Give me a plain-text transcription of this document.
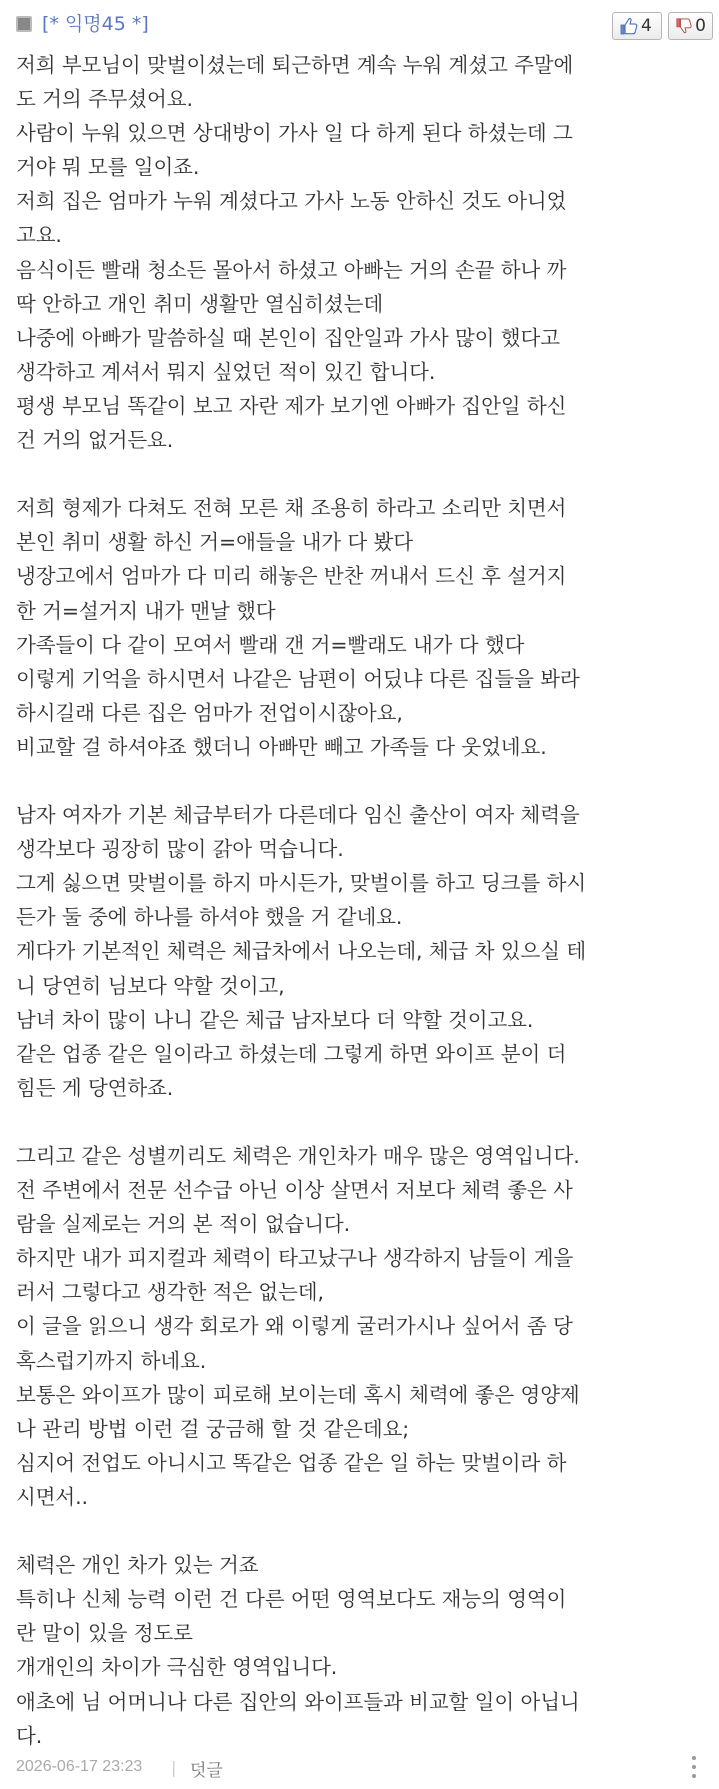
[* 익명45 *]	4	0
저희 부모님이 맞벌이셨는데 퇴근하면 계속 누워 계셨고 주말에
도 거의 주무셨어요.
사람이 누워 있으면 상대방이 가사 일 다 하게 된다 하셨는데 그
거야 뭐 모를 일이죠.
저희 집은 엄마가 누워 계셨다고 가사 노동 안하신 것도 아니었
고요.
음식이든 빨래 청소든 몰아서 하셨고 아빠는 거의 손끝 하나 까
딱 안하고 개인 취미 생활만 열심히셨는데
나중에 아빠가 말씀하실 때 본인이 집안일과 가사 많이 했다고
생각하고 계셔서 뭐지 싶었던 적이 있긴 합니다.
평생 부모님 똑같이 보고 자란 제가 보기엔 아빠가 집안일 하신
건 거의 없거든요.
저희 형제가 다쳐도 전혀 모른 채 조용히 하라고 소리만 치면서
본인 취미 생활 하신 거=애들을 내가 다 봤다
냉장고에서 엄마가 다 미리 해놓은 반찬 꺼내서 드신 후 설거지
한 거=설거지 내가 맨날 했다
가족들이 다 같이 모여서 빨래 갠 거=빨래도 내가 다 했다
이렇게 기억을 하시면서 나같은 남편이 어딨냐 다른 집들을 봐라
하시길래 다른 집은 엄마가 전업이시잖아요,
비교할 걸 하셔야죠 했더니 아빠만 빼고 가족들 다 웃었네요.
남자 여자가 기본 체급부터가 다른데다 임신 출산이 여자 체력을
생각보다 굉장히 많이 갉아 먹습니다.
그게 싫으면 맞벌이를 하지 마시든가, 맞벌이를 하고 딩크를 하시
든가 둘 중에 하나를 하셔야 했을 거 같네요.
게다가 기본적인 체력은 체급차에서 나오는데, 체급 차 있으실 테
니 당연히 님보다 약할 것이고,
남녀 차이 많이 나니 같은 체급 남자보다 더 약할 것이고요.
같은 업종 같은 일이라고 하셨는데 그렇게 하면 와이프 분이 더
힘든 게 당연하죠.
그리고 같은 성별끼리도 체력은 개인차가 매우 많은 영역입니다.
전 주변에서 전문 선수급 아닌 이상 살면서 저보다 체력 좋은 사
람을 실제로는 거의 본 적이 없습니다.
하지만 내가 피지컬과 체력이 타고났구나 생각하지 남들이 게을
러서 그렇다고 생각한 적은 없는데,
이 글을 읽으니 생각 회로가 왜 이렇게 굴러가시나 싶어서 좀 당
혹스럽기까지 하네요.
보통은 와이프가 많이 피로해 보이는데 혹시 체력에 좋은 영양제
나 관리 방법 이런 걸 궁금해 할 것 같은데요;
심지어 전업도 아니시고 똑같은 업종 같은 일 하는 맞벌이라 하
시면서..
체력은 개인 차가 있는 거죠
특히나 신체 능력 이런 건 다른 어떤 영역보다도 재능의 영역이
란 말이 있을 정도로
개개인의 차이가 극심한 영역입니다.
애초에 님 어머니나 다른 집안의 와이프들과 비교할 일이 아닙니
다.
2026-06-17 23:23 | 덧글
